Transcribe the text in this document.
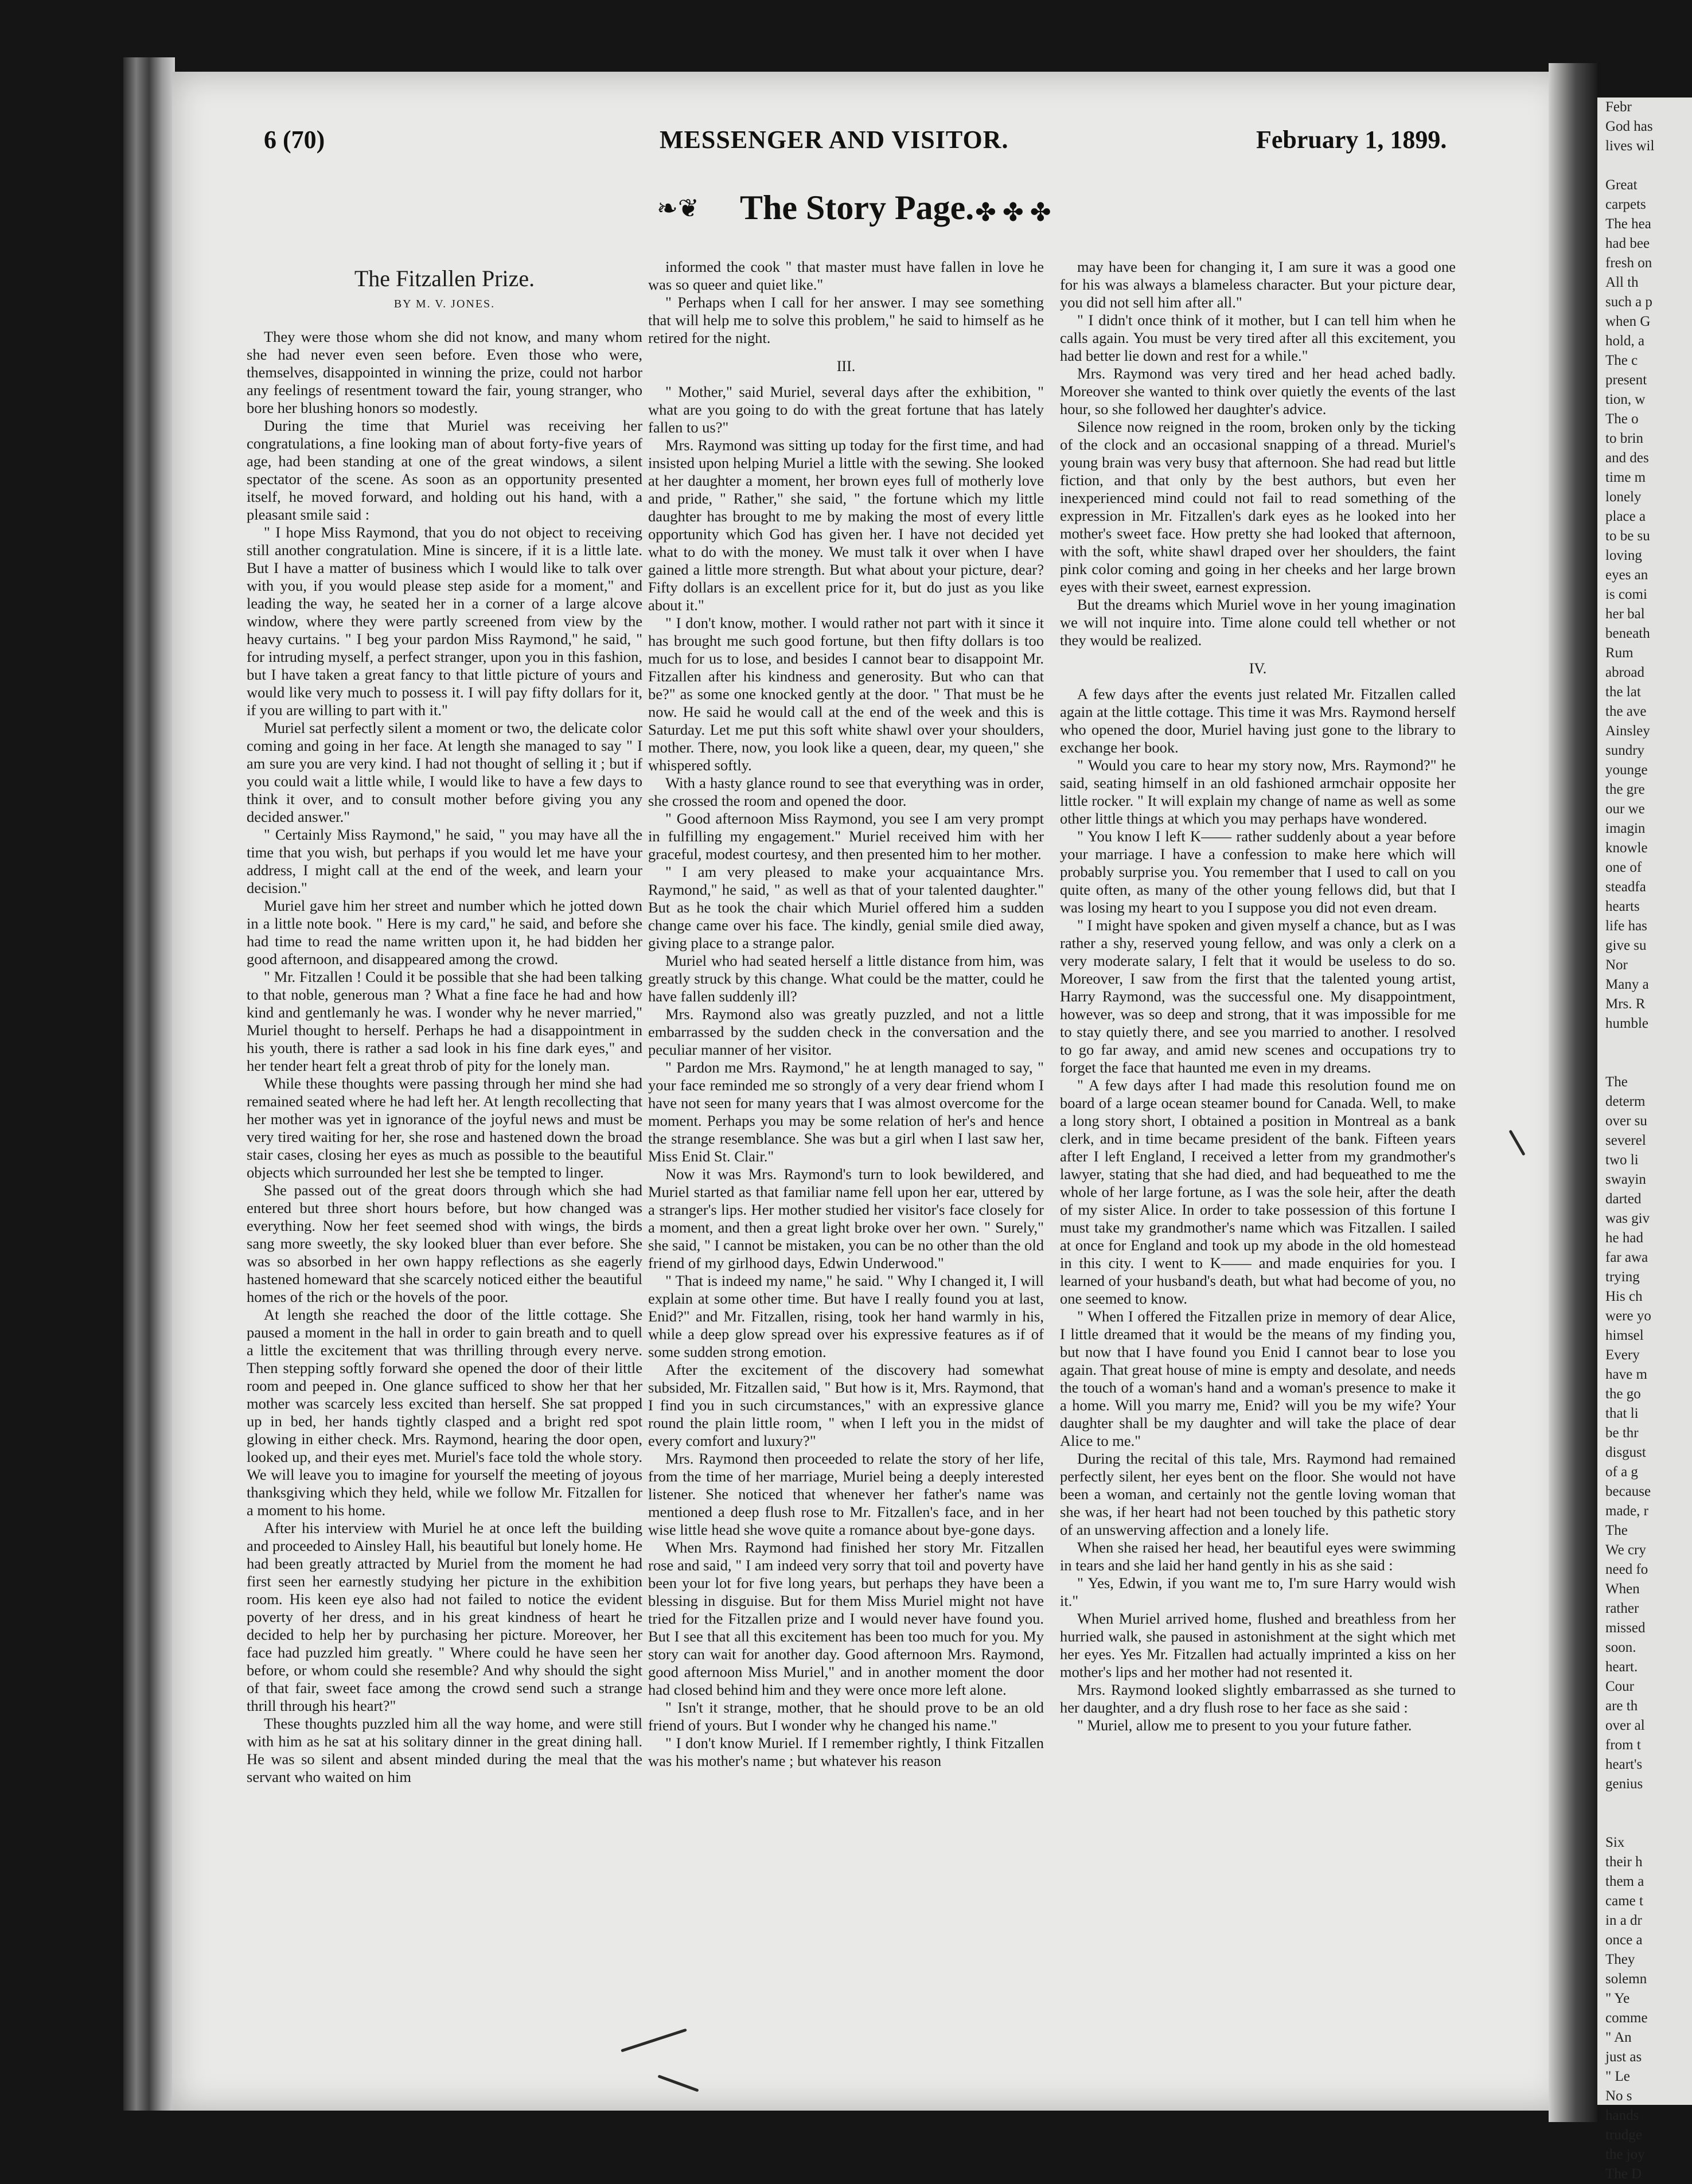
Febr
God has
lives wil

Great
carpets
The hea
had bee
fresh on
All th
such a p
when G
hold, a
The c
present
tion, w
The o
to brin
and des
time m
lonely
place a
to be su
loving
eyes an
is comi
her bal
beneath
Rum
abroad
the lat
the ave
Ainsley
sundry
younge
the gre
our we
imagin
knowle
one of
steadfa
hearts
life has
give su
Nor
Many a
Mrs. R
humble

The
determ
over su
severel
two li
swayin
darted
was giv
he had
far awa
trying
His ch
were yo
himsel
Every
have m
the go
that li
be thr
disgust
of a g
because
made, r
The
We cry
need fo
When
rather
missed
soon.
heart.
Cour
are th
over al
from t
heart's
genius

Six
their h
them a
came t
in a dr
once a
They
solemn
" Ye
comme
" An
just as
" Le
No s
hands
trudge
the joy
The D
6 (70)	MESSENGER AND VISITOR.	February 1, 1899.
❧❦ The Story Page. ✤ ✤ ✤
The Fitzallen Prize.
BY M. V. JONES.

They were those whom she did not know, and many whom she had never even seen before. Even those who were, themselves, disappointed in winning the prize, could not harbor any feelings of resentment toward the fair, young stranger, who bore her blushing honors so modestly.

During the time that Muriel was receiving her congratulations, a fine looking man of about forty-five years of age, had been standing at one of the great windows, a silent spectator of the scene. As soon as an opportunity presented itself, he moved forward, and holding out his hand, with a pleasant smile said :

" I hope Miss Raymond, that you do not object to receiving still another congratulation. Mine is sincere, if it is a little late. But I have a matter of business which I would like to talk over with you, if you would please step aside for a moment," and leading the way, he seated her in a corner of a large alcove window, where they were partly screened from view by the heavy curtains. " I beg your pardon Miss Raymond," he said, " for intruding myself, a perfect stranger, upon you in this fashion, but I have taken a great fancy to that little picture of yours and would like very much to possess it. I will pay fifty dollars for it, if you are willing to part with it."

Muriel sat perfectly silent a moment or two, the delicate color coming and going in her face. At length she managed to say " I am sure you are very kind. I had not thought of selling it ; but if you could wait a little while, I would like to have a few days to think it over, and to consult mother before giving you any decided answer."

" Certainly Miss Raymond," he said, " you may have all the time that you wish, but perhaps if you would let me have your address, I might call at the end of the week, and learn your decision."

Muriel gave him her street and number which he jotted down in a little note book. " Here is my card," he said, and before she had time to read the name written upon it, he had bidden her good afternoon, and disappeared among the crowd.

" Mr. Fitzallen ! Could it be possible that she had been talking to that noble, generous man ? What a fine face he had and how kind and gentlemanly he was. I wonder why he never married," Muriel thought to herself. Perhaps he had a disappointment in his youth, there is rather a sad look in his fine dark eyes," and her tender heart felt a great throb of pity for the lonely man.

While these thoughts were passing through her mind she had remained seated where he had left her. At length recollecting that her mother was yet in ignorance of the joyful news and must be very tired waiting for her, she rose and hastened down the broad stair cases, closing her eyes as much as possible to the beautiful objects which surrounded her lest she be tempted to linger.

She passed out of the great doors through which she had entered but three short hours before, but how changed was everything. Now her feet seemed shod with wings, the birds sang more sweetly, the sky looked bluer than ever before. She was so absorbed in her own happy reflections as she eagerly hastened homeward that she scarcely noticed either the beautiful homes of the rich or the hovels of the poor.

At length she reached the door of the little cottage. She paused a moment in the hall in order to gain breath and to quell a little the excitement that was thrilling through every nerve. Then stepping softly forward she opened the door of their little room and peeped in. One glance sufficed to show her that her mother was scarcely less excited than herself. She sat propped up in bed, her hands tightly clasped and a bright red spot glowing in either check. Mrs. Raymond, hearing the door open, looked up, and their eyes met. Muriel's face told the whole story. We will leave you to imagine for yourself the meeting of joyous thanksgiving which they held, while we follow Mr. Fitzallen for a moment to his home.

After his interview with Muriel he at once left the building and proceeded to Ainsley Hall, his beautiful but lonely home. He had been greatly attracted by Muriel from the moment he had first seen her earnestly studying her picture in the exhibition room. His keen eye also had not failed to notice the evident poverty of her dress, and in his great kindness of heart he decided to help her by purchasing her picture. Moreover, her face had puzzled him greatly. " Where could he have seen her before, or whom could she resemble? And why should the sight of that fair, sweet face among the crowd send such a strange thrill through his heart?"

These thoughts puzzled him all the way home, and were still with him as he sat at his solitary dinner in the great dining hall. He was so silent and absent minded during the meal that the servant who waited on him

informed the cook " that master must have fallen in love he was so queer and quiet like."

" Perhaps when I call for her answer. I may see something that will help me to solve this problem," he said to himself as he retired for the night.

III.

" Mother," said Muriel, several days after the exhibition, " what are you going to do with the great fortune that has lately fallen to us?"

Mrs. Raymond was sitting up today for the first time, and had insisted upon helping Muriel a little with the sewing. She looked at her daughter a moment, her brown eyes full of motherly love and pride, " Rather," she said, " the fortune which my little daughter has brought to me by making the most of every little opportunity which God has given her. I have not decided yet what to do with the money. We must talk it over when I have gained a little more strength. But what about your picture, dear? Fifty dollars is an excellent price for it, but do just as you like about it."

" I don't know, mother. I would rather not part with it since it has brought me such good fortune, but then fifty dollars is too much for us to lose, and besides I cannot bear to disappoint Mr. Fitzallen after his kindness and generosity. But who can that be?" as some one knocked gently at the door. " That must be he now. He said he would call at the end of the week and this is Saturday. Let me put this soft white shawl over your shoulders, mother. There, now, you look like a queen, dear, my queen," she whispered softly.

With a hasty glance round to see that everything was in order, she crossed the room and opened the door.

" Good afternoon Miss Raymond, you see I am very prompt in fulfilling my engagement." Muriel received him with her graceful, modest courtesy, and then presented him to her mother.

" I am very pleased to make your acquaintance Mrs. Raymond," he said, " as well as that of your talented daughter." But as he took the chair which Muriel offered him a sudden change came over his face. The kindly, genial smile died away, giving place to a strange palor.

Muriel who had seated herself a little distance from him, was greatly struck by this change. What could be the matter, could he have fallen suddenly ill?

Mrs. Raymond also was greatly puzzled, and not a little embarrassed by the sudden check in the conversation and the peculiar manner of her visitor.

" Pardon me Mrs. Raymond," he at length managed to say, " your face reminded me so strongly of a very dear friend whom I have not seen for many years that I was almost overcome for the moment. Perhaps you may be some relation of her's and hence the strange resemblance. She was but a girl when I last saw her, Miss Enid St. Clair."

Now it was Mrs. Raymond's turn to look bewildered, and Muriel started as that familiar name fell upon her ear, uttered by a stranger's lips. Her mother studied her visitor's face closely for a moment, and then a great light broke over her own. " Surely," she said, " I cannot be mistaken, you can be no other than the old friend of my girlhood days, Edwin Underwood."

" That is indeed my name," he said. " Why I changed it, I will explain at some other time. But have I really found you at last, Enid?" and Mr. Fitzallen, rising, took her hand warmly in his, while a deep glow spread over his expressive features as if of some sudden strong emotion.

After the excitement of the discovery had somewhat subsided, Mr. Fitzallen said, " But how is it, Mrs. Raymond, that I find you in such circumstances," with an expressive glance round the plain little room, " when I left you in the midst of every comfort and luxury?"

Mrs. Raymond then proceeded to relate the story of her life, from the time of her marriage, Muriel being a deeply interested listener. She noticed that whenever her father's name was mentioned a deep flush rose to Mr. Fitzallen's face, and in her wise little head she wove quite a romance about bye-gone days.

When Mrs. Raymond had finished her story Mr. Fitzallen rose and said, " I am indeed very sorry that toil and poverty have been your lot for five long years, but perhaps they have been a blessing in disguise. But for them Miss Muriel might not have tried for the Fitzallen prize and I would never have found you. But I see that all this excitement has been too much for you. My story can wait for another day. Good afternoon Mrs. Raymond, good afternoon Miss Muriel," and in another moment the door had closed behind him and they were once more left alone.

" Isn't it strange, mother, that he should prove to be an old friend of yours. But I wonder why he changed his name."

" I don't know Muriel. If I remember rightly, I think Fitzallen was his mother's name ; but whatever his reason

may have been for changing it, I am sure it was a good one for his was always a blameless character. But your picture dear, you did not sell him after all."

" I didn't once think of it mother, but I can tell him when he calls again. You must be very tired after all this excitement, you had better lie down and rest for a while."

Mrs. Raymond was very tired and her head ached badly. Moreover she wanted to think over quietly the events of the last hour, so she followed her daughter's advice.

Silence now reigned in the room, broken only by the ticking of the clock and an occasional snapping of a thread. Muriel's young brain was very busy that afternoon. She had read but little fiction, and that only by the best authors, but even her inexperienced mind could not fail to read something of the expression in Mr. Fitzallen's dark eyes as he looked into her mother's sweet face. How pretty she had looked that afternoon, with the soft, white shawl draped over her shoulders, the faint pink color coming and going in her cheeks and her large brown eyes with their sweet, earnest expression.

But the dreams which Muriel wove in her young imagination we will not inquire into. Time alone could tell whether or not they would be realized.

IV.

A few days after the events just related Mr. Fitzallen called again at the little cottage. This time it was Mrs. Raymond herself who opened the door, Muriel having just gone to the library to exchange her book.

" Would you care to hear my story now, Mrs. Raymond?" he said, seating himself in an old fashioned armchair opposite her little rocker. " It will explain my change of name as well as some other little things at which you may perhaps have wondered.

" You know I left K—— rather suddenly about a year before your marriage. I have a confession to make here which will probably surprise you. You remember that I used to call on you quite often, as many of the other young fellows did, but that I was losing my heart to you I suppose you did not even dream.

" I might have spoken and given myself a chance, but as I was rather a shy, reserved young fellow, and was only a clerk on a very moderate salary, I felt that it would be useless to do so. Moreover, I saw from the first that the talented young artist, Harry Raymond, was the successful one. My disappointment, however, was so deep and strong, that it was impossible for me to stay quietly there, and see you married to another. I resolved to go far away, and amid new scenes and occupations try to forget the face that haunted me even in my dreams.

" A few days after I had made this resolution found me on board of a large ocean steamer bound for Canada. Well, to make a long story short, I obtained a position in Montreal as a bank clerk, and in time became president of the bank. Fifteen years after I left England, I received a letter from my grandmother's lawyer, stating that she had died, and had bequeathed to me the whole of her large fortune, as I was the sole heir, after the death of my sister Alice. In order to take possession of this fortune I must take my grandmother's name which was Fitzallen. I sailed at once for England and took up my abode in the old homestead in this city. I went to K—— and made enquiries for you. I learned of your husband's death, but what had become of you, no one seemed to know.

" When I offered the Fitzallen prize in memory of dear Alice, I little dreamed that it would be the means of my finding you, but now that I have found you Enid I cannot bear to lose you again. That great house of mine is empty and desolate, and needs the touch of a woman's hand and a woman's presence to make it a home. Will you marry me, Enid? will you be my wife? Your daughter shall be my daughter and will take the place of dear Alice to me."

During the recital of this tale, Mrs. Raymond had remained perfectly silent, her eyes bent on the floor. She would not have been a woman, and certainly not the gentle loving woman that she was, if her heart had not been touched by this pathetic story of an unswerving affection and a lonely life.

When she raised her head, her beautiful eyes were swimming in tears and she laid her hand gently in his as she said :

" Yes, Edwin, if you want me to, I'm sure Harry would wish it."

When Muriel arrived home, flushed and breathless from her hurried walk, she paused in astonishment at the sight which met her eyes. Yes Mr. Fitzallen had actually imprinted a kiss on her mother's lips and her mother had not resented it.

Mrs. Raymond looked slightly embarrassed as she turned to her daughter, and a dry flush rose to her face as she said :

" Muriel, allow me to present to you your future father.
